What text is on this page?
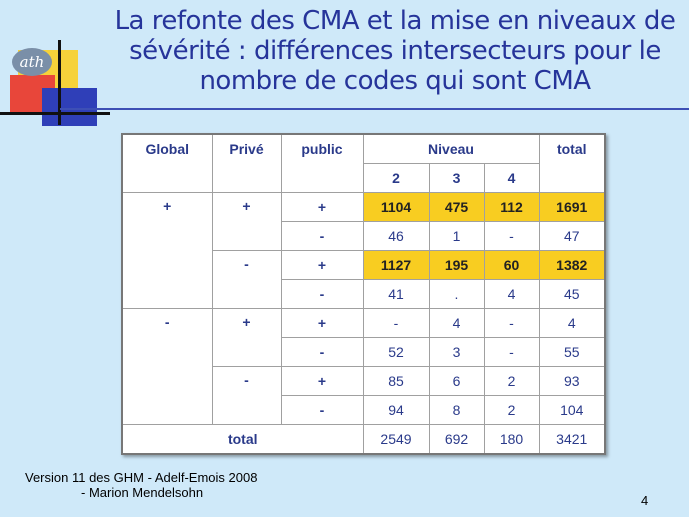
ath
La refonte des CMA et la mise en niveaux de
sévérité : différences intersecteurs pour le
nombre de codes qui sont CMA
Global	Privé	public	Niveau			total
			2	3	4	
+	+	+	1104	475	112	1691
		-	46	1	-	47
	-	+	1127	195	60	1382
		-	41	.	4	45
-	+	+	-	4	-	4
		-	52	3	-	55
	-	+	85	6	2	93
		-	94	8	2	104
total			2549	692	180	3421
Version 11 des GHM - Adelf-Emois 2008
- Marion Mendelsohn
4
